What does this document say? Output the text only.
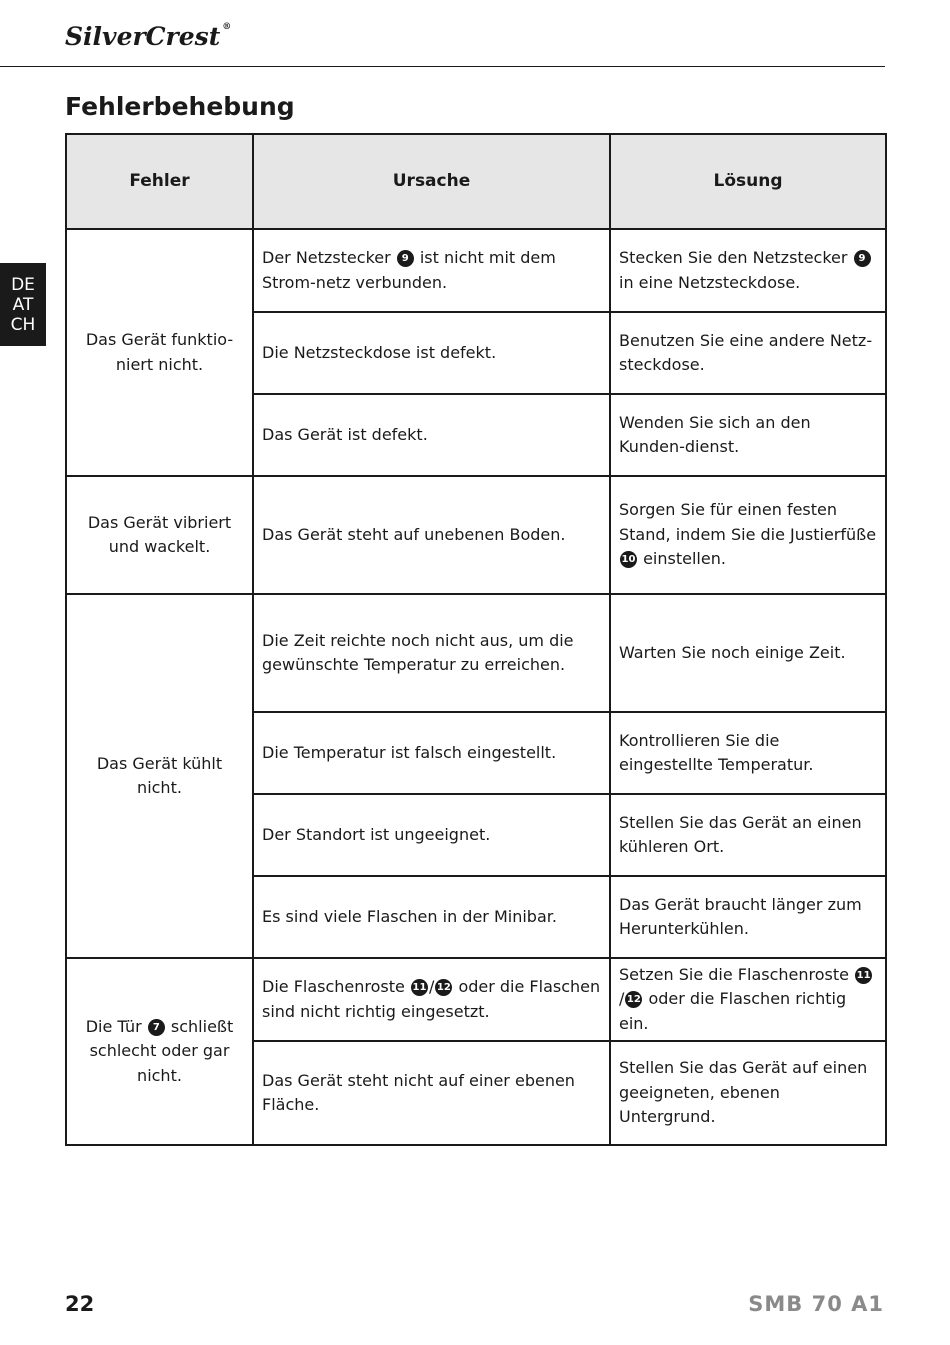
SilverCrest ®
Fehlerbehebung
DE
AT
CH
Fehler	Ursache	Lösung
Das Gerät funktio-niert nicht.	Der Netzstecker 9 ist nicht mit dem Strom-netz verbunden.	Stecken Sie den Netzstecker 9 in eine Netzsteckdose.
	Die Netzsteckdose ist defekt.	Benutzen Sie eine andere Netz-steckdose.
	Das Gerät ist defekt.	Wenden Sie sich an den Kunden-dienst.
Das Gerät vibriert und wackelt.	Das Gerät steht auf unebenen Boden.	Sorgen Sie für einen festen Stand, indem Sie die Justierfüße 10 einstellen.
Das Gerät kühlt nicht.	Die Zeit reichte noch nicht aus, um die gewünschte Temperatur zu erreichen.	Warten Sie noch einige Zeit.
	Die Temperatur ist falsch eingestellt.	Kontrollieren Sie die eingestellte Temperatur.
	Der Standort ist ungeeignet.	Stellen Sie das Gerät an einen kühleren Ort.
	Es sind viele Flaschen in der Minibar.	Das Gerät braucht länger zum Herunterkühlen.
Die Tür 7 schließt schlecht oder gar nicht.	Die Flaschenroste 11 / 12 oder die Flaschen sind nicht richtig eingesetzt.	Setzen Sie die Flaschenroste 11/ 12 oder die Flaschen richtig ein.
	Das Gerät steht nicht auf einer ebenen Fläche.	Stellen Sie das Gerät auf einen geeigneten, ebenen Untergrund.
22	SMB 70 A1
